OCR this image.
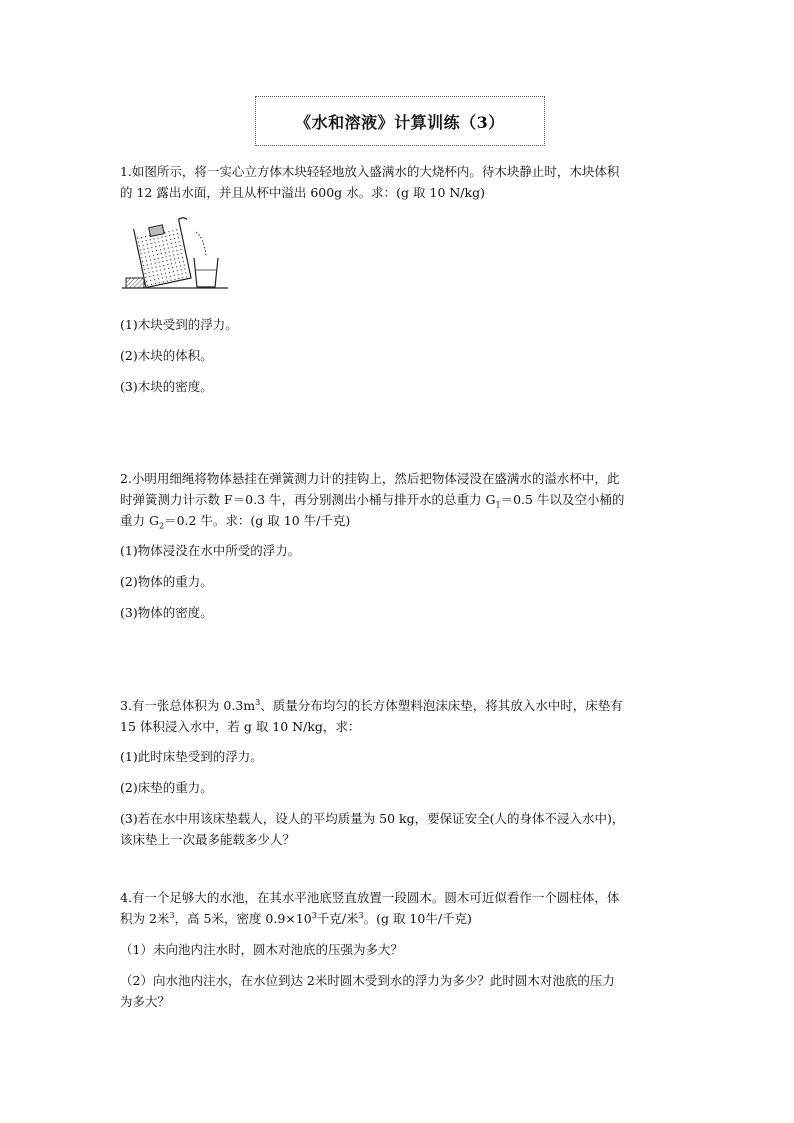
《水和溶液》计算训练（3）
1.如图所示，将一实心立方体木块轻轻地放入盛满水的大烧杯内。待木块静止时，木块体积
的 12 露出水面，并且从杯中溢出 600g 水。求：(g 取 10 N/kg)
(1)木块受到的浮力。
(2)木块的体积。
(3)木块的密度。
2.小明用细绳将物体悬挂在弹簧测力计的挂钩上，然后把物体浸没在盛满水的溢水杯中，此
时弹簧测力计示数 F＝0.3 牛，再分别测出小桶与排开水的总重力 $G_1=0.5$ 牛以及空小桶的
重力 $G_2=0.2$ 牛。求：(g 取 10 牛/千克)
(1)物体浸没在水中所受的浮力。
(2)物体的重力。
(3)物体的密度。
3.有一张总体积为 $0.3m^3$、质量分布均匀的长方体塑料泡沫床垫，将其放入水中时，床垫有
15 体积浸入水中，若 g 取 10 N/kg，求：
(1)此时床垫受到的浮力。
(2)床垫的重力。
(3)若在水中用该床垫载人，设人的平均质量为 50 kg，要保证安全(人的身体不浸入水中)，
该床垫上一次最多能载多少人？
4.有一个足够大的水池，在其水平池底竖直放置一段圆木。圆木可近似看作一个圆柱体，体
积为 2米$^3$，高 5米，密度 $0.9\times 10^3$千克/米$^3$。(g 取 10牛/千克)
（1）未向池内注水时，圆木对池底的压强为多大？
（2）向水池内注水，在水位到达 2米时圆木受到水的浮力为多少？此时圆木对池底的压力
为多大？
